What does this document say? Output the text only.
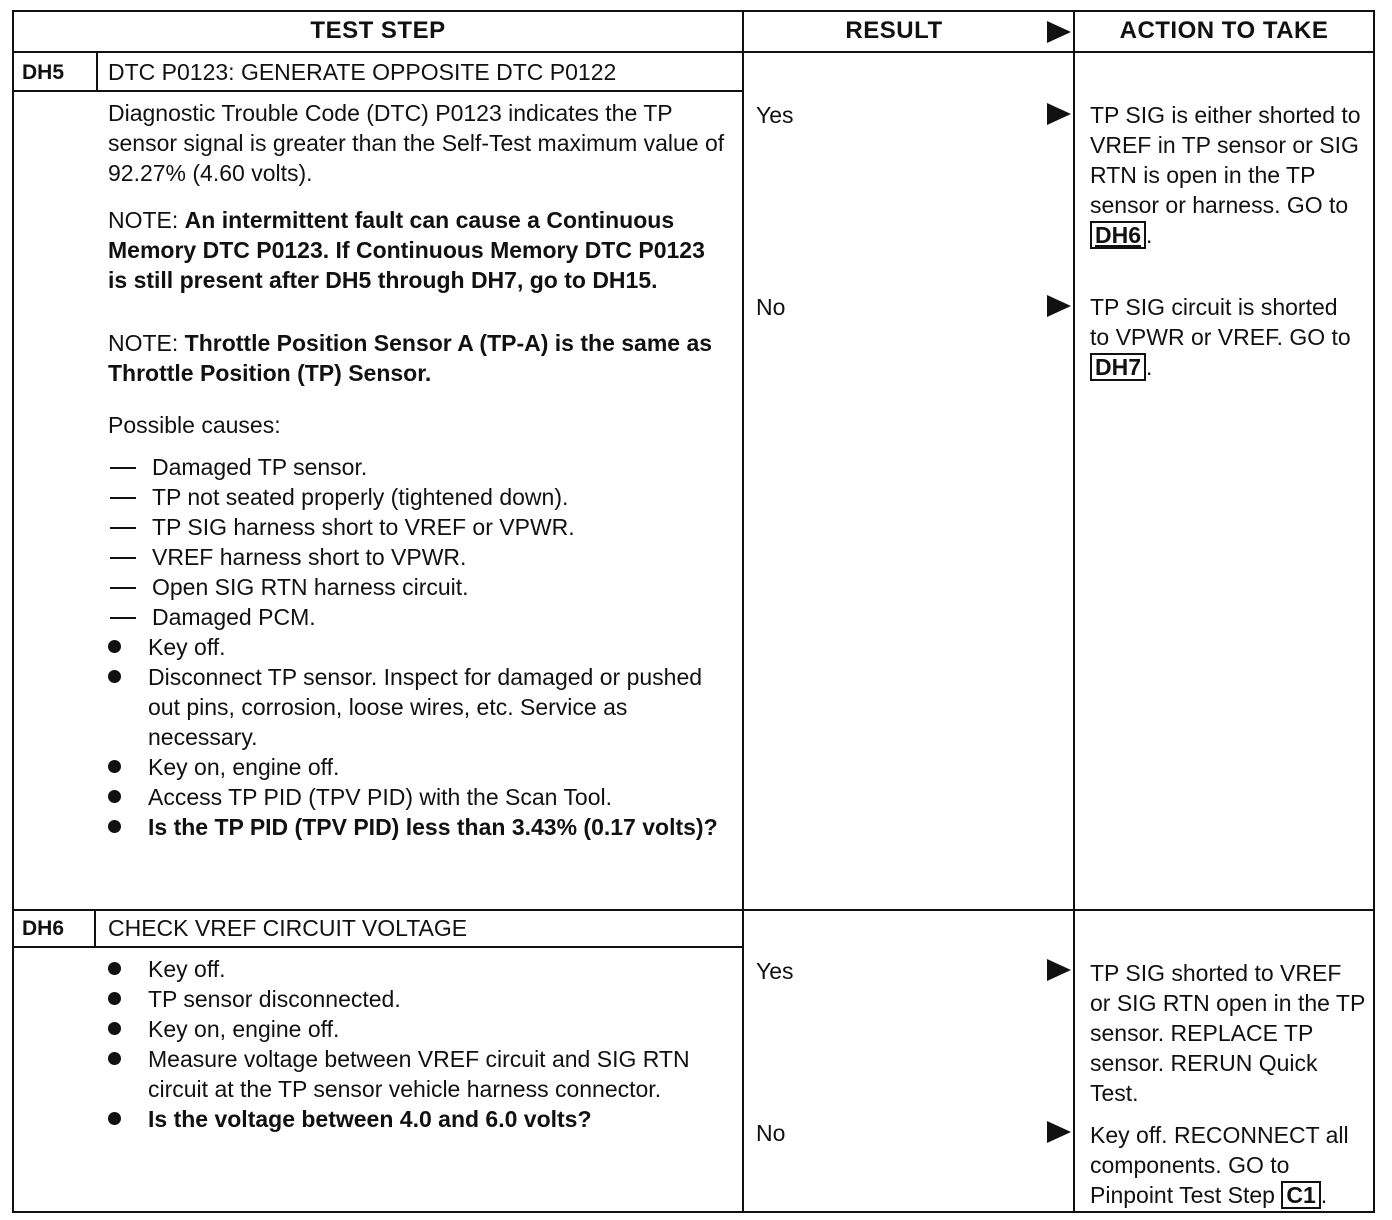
TEST STEP	RESULT	ACTION TO TAKE
DH5 DTC P0123: GENERATE OPPOSITE DTC P0122

Diagnostic Trouble Code (DTC) P0123 indicates the TP sensor signal is greater than the Self-Test maximum value of 92.27% (4.60 volts).

NOTE: An intermittent fault can cause a Continuous Memory DTC P0123. If Continuous Memory DTC P0123 is still present after DH5 through DH7, go to DH15.

NOTE: Throttle Position Sensor A (TP-A) is the same as Throttle Position (TP) Sensor.

Possible causes:

Damaged TP sensor.
TP not seated properly (tightened down).
TP SIG harness short to VREF or VPWR.
VREF harness short to VPWR.
Open SIG RTN harness circuit.
Damaged PCM.
Key off.
Disconnect TP sensor. Inspect for damaged or pushed out pins, corrosion, loose wires, etc. Service as necessary.
Key on, engine off.
Access TP PID (TPV PID) with the Scan Tool.
Is the TP PID (TPV PID) less than 3.43% (0.17 volts)?
Yes
No
TP SIG is either shorted to VREF in TP sensor or SIG RTN is open in the TP sensor or harness. GO to DH6 .
TP SIG circuit is shorted to VPWR or VREF. GO to DH7 .
DH6 CHECK VREF CIRCUIT VOLTAGE
Key off.
TP sensor disconnected.
Key on, engine off.
Measure voltage between VREF circuit and SIG RTN circuit at the TP sensor vehicle harness connector.
Is the voltage between 4.0 and 6.0 volts?
Yes
No
TP SIG shorted to VREF or SIG RTN open in the TP sensor. REPLACE TP sensor. RERUN Quick Test.
Key off. RECONNECT all components. GO to Pinpoint Test Step C1 .
